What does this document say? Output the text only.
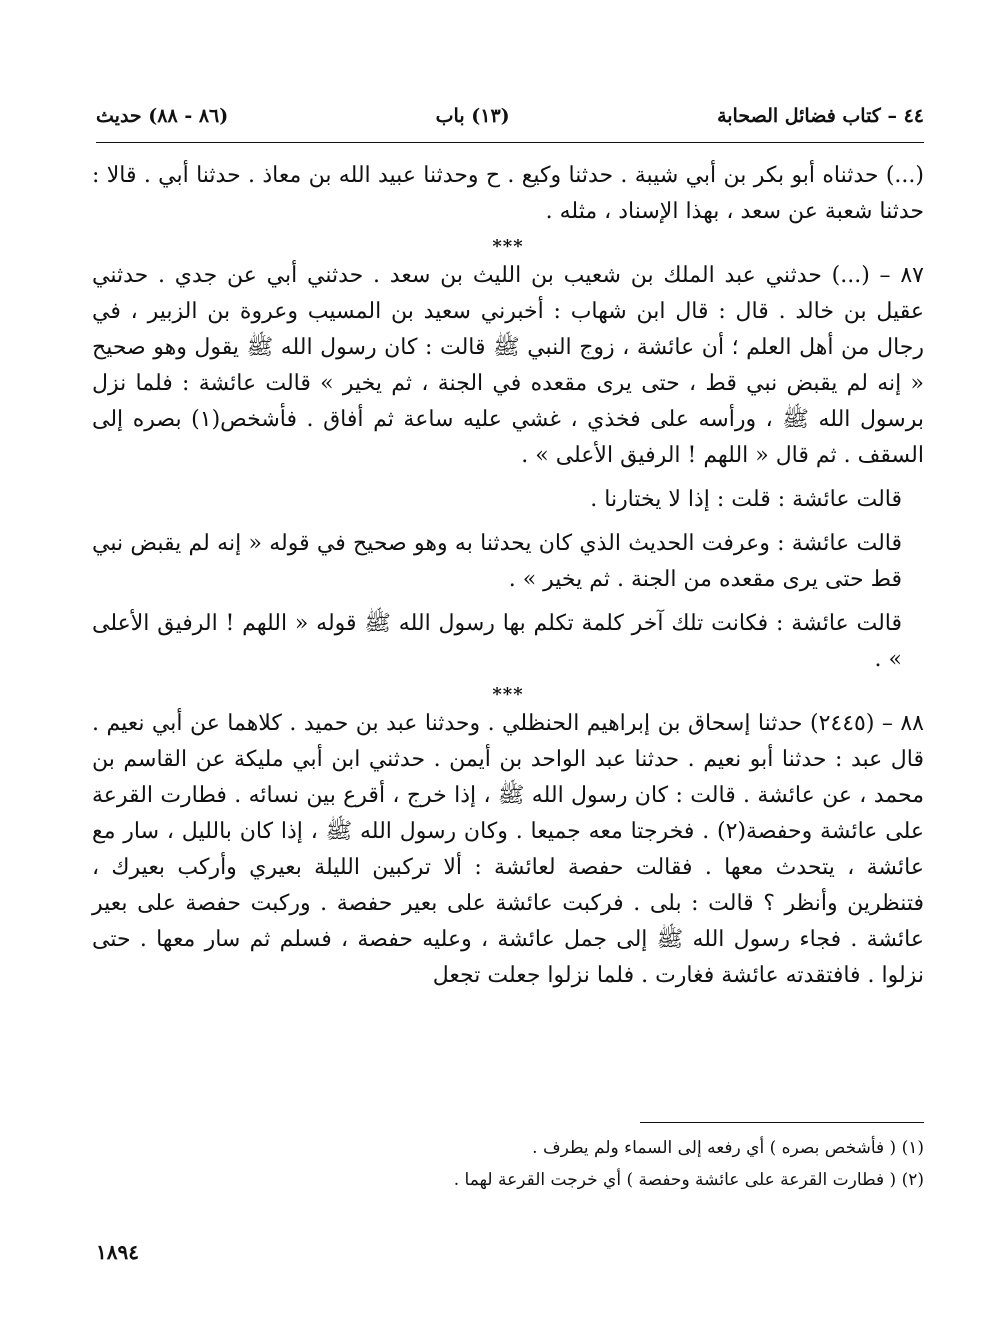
٤٤ – كتاب فضائل الصحابة
(١٣) باب
(٨٦ - ٨٨) حديث

(...) حدثناه أبو بكر بن أبي شيبة . حدثنا وكيع . ح وحدثنا عبيد الله بن معاذ . حدثنا أبي . قالا : حدثنا شعبة عن سعد ، بهذا الإسناد ، مثله .

***

٨٧ – (...) حدثني عبد الملك بن شعيب بن الليث بن سعد . حدثني أبي عن جدي . حدثني عقيل بن خالد . قال : قال ابن شهاب : أخبرني سعيد بن المسيب وعروة بن الزبير ، في رجال من أهل العلم ؛ أن عائشة ، زوج النبي ﷺ قالت : كان رسول الله ﷺ يقول وهو صحيح « إنه لم يقبض نبي قط ، حتى يرى مقعده في الجنة ، ثم يخير » قالت عائشة : فلما نزل برسول الله ﷺ ، ورأسه على فخذي ، غشي عليه ساعة ثم أفاق . فأشخص(١) بصره إلى السقف . ثم قال « اللهم ! الرفيق الأعلى » .

قالت عائشة : قلت : إذا لا يختارنا .

قالت عائشة : وعرفت الحديث الذي كان يحدثنا به وهو صحيح في قوله « إنه لم يقبض نبي قط حتى يرى مقعده من الجنة . ثم يخير » .

قالت عائشة : فكانت تلك آخر كلمة تكلم بها رسول الله ﷺ قوله « اللهم ! الرفيق الأعلى » .

***

٨٨ – (٢٤٤٥) حدثنا إسحاق بن إبراهيم الحنظلي . وحدثنا عبد بن حميد . كلاهما عن أبي نعيم . قال عبد : حدثنا أبو نعيم . حدثنا عبد الواحد بن أيمن . حدثني ابن أبي مليكة عن القاسم بن محمد ، عن عائشة . قالت : كان رسول الله ﷺ ، إذا خرج ، أقرع بين نسائه . فطارت القرعة على عائشة وحفصة(٢) . فخرجتا معه جميعا . وكان رسول الله ﷺ ، إذا كان بالليل ، سار مع عائشة ، يتحدث معها . فقالت حفصة لعائشة : ألا تركبين الليلة بعيري وأركب بعيرك ، فتنظرين وأنظر ؟ قالت : بلى . فركبت عائشة على بعير حفصة . وركبت حفصة على بعير عائشة . فجاء رسول الله ﷺ إلى جمل عائشة ، وعليه حفصة ، فسلم ثم سار معها . حتى نزلوا . فافتقدته عائشة فغارت . فلما نزلوا جعلت تجعل

(١) ( فأشخص بصره ) أي رفعه إلى السماء ولم يطرف .

(٢) ( فطارت القرعة على عائشة وحفصة ) أي خرجت القرعة لهما .

١٨٩٤
